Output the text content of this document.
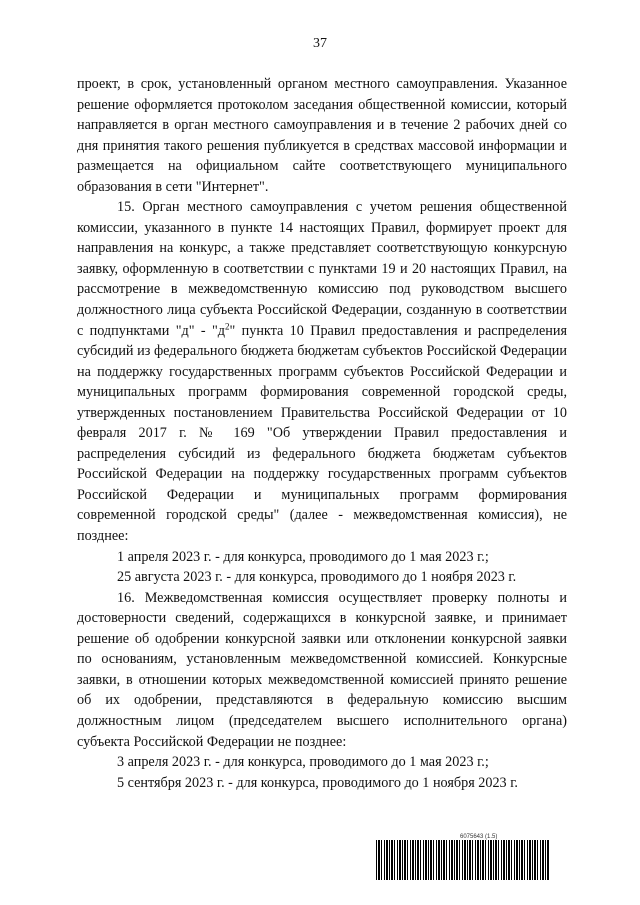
37

проект, в срок, установленный органом местного самоуправления. Указанное решение оформляется протоколом заседания общественной комиссии, который направляется в орган местного самоуправления и в течение 2 рабочих дней со дня принятия такого решения публикуется в средствах массовой информации и размещается на официальном сайте соответствующего муниципального образования в сети "Интернет".

15. Орган местного самоуправления с учетом решения общественной комиссии, указанного в пункте 14 настоящих Правил, формирует проект для направления на конкурс, а также представляет соответствующую конкурсную заявку, оформленную в соответствии с пунктами 19 и 20 настоящих Правил, на рассмотрение в межведомственную комиссию под руководством высшего должностного лица субъекта Российской Федерации, созданную в соответствии с подпунктами "д" - "$д^2$" пункта 10 Правил предоставления и распределения субсидий из федерального бюджета бюджетам субъектов Российской Федерации на поддержку государственных программ субъектов Российской Федерации и муниципальных программ формирования современной городской среды, утвержденных постановлением Правительства Российской Федерации от 10 февраля 2017 г. № 169 "Об утверждении Правил предоставления и распределения субсидий из федерального бюджета бюджетам субъектов Российской Федерации на поддержку государственных программ субъектов Российской Федерации и муниципальных программ формирования современной городской среды" (далее - межведомственная комиссия), не позднее:

1 апреля 2023 г. - для конкурса, проводимого до 1 мая 2023 г.;

25 августа 2023 г. - для конкурса, проводимого до 1 ноября 2023 г.

16. Межведомственная комиссия осуществляет проверку полноты и достоверности сведений, содержащихся в конкурсной заявке, и принимает решение об одобрении конкурсной заявки или отклонении конкурсной заявки по основаниям, установленным межведомственной комиссией. Конкурсные заявки, в отношении которых межведомственной комиссией принято решение об их одобрении, представляются в федеральную комиссию высшим должностным лицом (председателем высшего исполнительного органа) субъекта Российской Федерации не позднее:

3 апреля 2023 г. - для конкурса, проводимого до 1 мая 2023 г.;

5 сентября 2023 г. - для конкурса, проводимого до 1 ноября 2023 г.

6075643 (1.5)
